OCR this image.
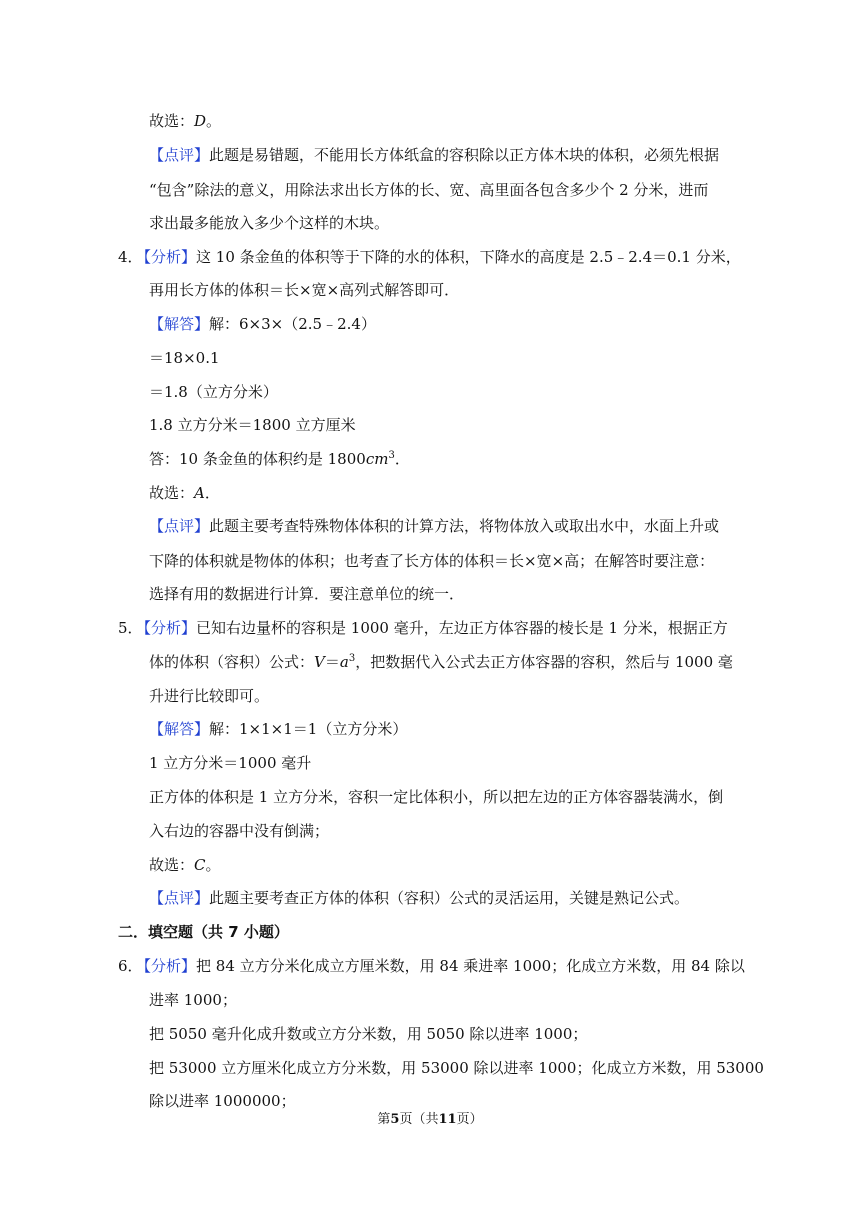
故选：D。
【点评】此题是易错题，不能用长方体纸盒的容积除以正方体木块的体积，必须先根据
“包含”除法的意义，用除法求出长方体的长、宽、高里面各包含多少个 2 分米，进而
求出最多能放入多少个这样的木块。
4．
【分析】这 10 条金鱼的体积等于下降的水的体积，下降水的高度是 2.5﹣2.4＝0.1 分米，
再用长方体的体积＝长×宽×高列式解答即可．
【解答】解：6×3×（2.5﹣2.4）
＝18×0.1
＝1.8（立方分米）
1.8 立方分米＝1800 立方厘米
答：10 条金鱼的体积约是 $1800cm^3$．
故选：A．
【点评】此题主要考查特殊物体体积的计算方法，将物体放入或取出水中，水面上升或
下降的体积就是物体的体积；也考查了长方体的体积＝长×宽×高；在解答时要注意：
选择有用的数据进行计算．要注意单位的统一．
5．
【分析】已知右边量杯的容积是 1000 毫升，左边正方体容器的棱长是 1 分米，根据正方
体的体积（容积）公式：$V=a^3$，把数据代入公式去正方体容器的容积，然后与 1000 毫
升进行比较即可。
【解答】解：1×1×1＝1（立方分米）
1 立方分米＝1000 毫升
正方体的体积是 1 立方分米，容积一定比体积小，所以把左边的正方体容器装满水，倒
入右边的容器中没有倒满；
故选：C。
【点评】此题主要考查正方体的体积（容积）公式的灵活运用，关键是熟记公式。
二．填空题（共 7 小题）
6．
【分析】把 84 立方分米化成立方厘米数，用 84 乘进率 1000；化成立方米数，用 84 除以
进率 1000；
把 5050 毫升化成升数或立方分米数，用 5050 除以进率 1000；
把 53000 立方厘米化成立方分米数，用 53000 除以进率 1000；化成立方米数，用 53000
除以进率 1000000；
第5页（共11页）
